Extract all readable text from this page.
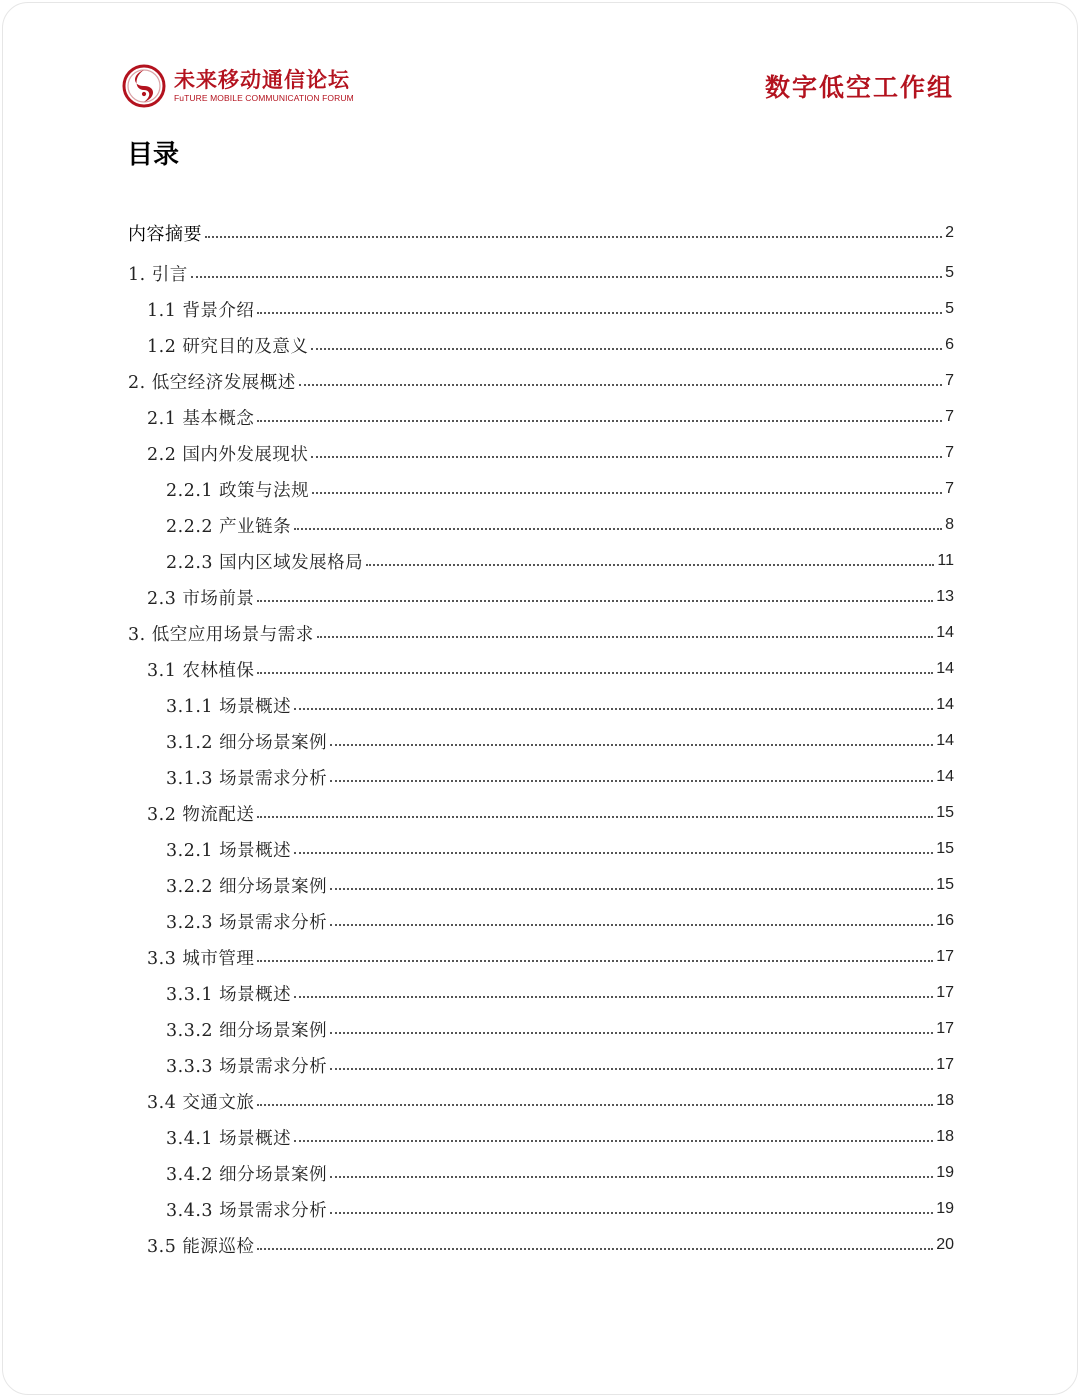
未来移动通信论坛
FuTURE MOBILE COMMUNICATION FORUM	数字低空工作组
目录
内容摘要	2
1. 引言	5
1.1 背景介绍	5
1.2 研究目的及意义	6
2. 低空经济发展概述	7
2.1 基本概念	7
2.2 国内外发展现状	7
2.2.1 政策与法规	7
2.2.2 产业链条	8
2.2.3 国内区域发展格局	11
2.3 市场前景	13
3. 低空应用场景与需求	14
3.1 农林植保	14
3.1.1 场景概述	14
3.1.2 细分场景案例	14
3.1.3 场景需求分析	14
3.2 物流配送	15
3.2.1 场景概述	15
3.2.2 细分场景案例	15
3.2.3 场景需求分析	16
3.3 城市管理	17
3.3.1 场景概述	17
3.3.2 细分场景案例	17
3.3.3 场景需求分析	17
3.4 交通文旅	18
3.4.1 场景概述	18
3.4.2 细分场景案例	19
3.4.3 场景需求分析	19
3.5 能源巡检	20
